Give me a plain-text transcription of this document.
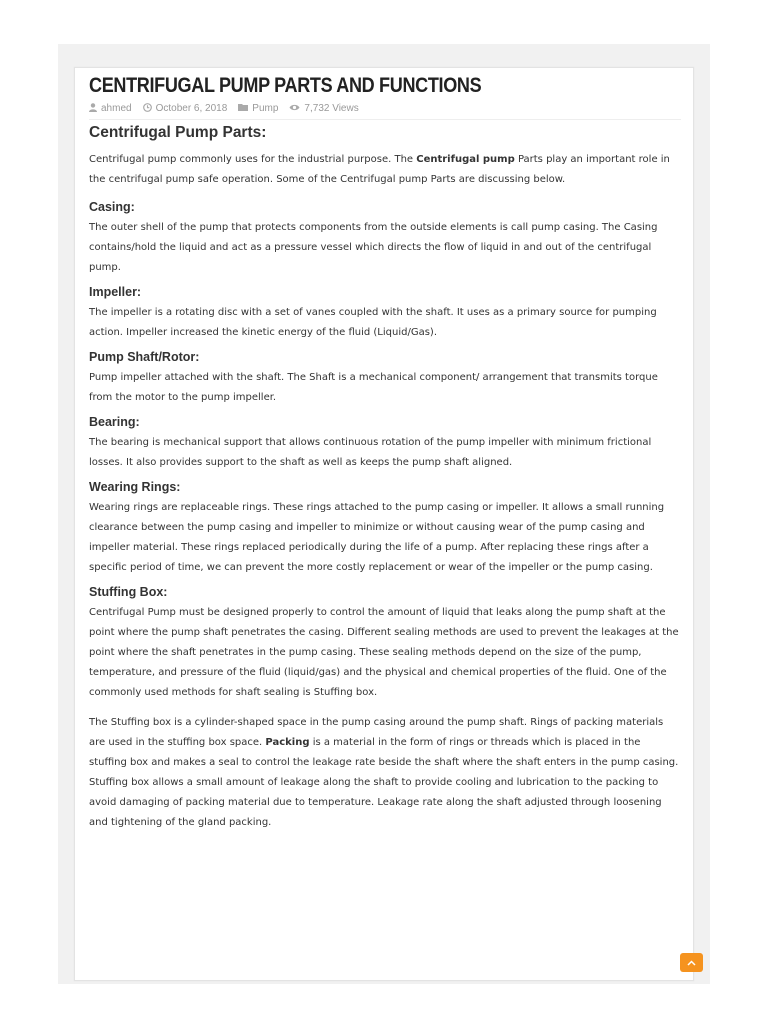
CENTRIFUGAL PUMP PARTS AND FUNCTIONS
ahmed October 6, 2018	Pump	7,732 Views
Centrifugal Pump Parts:

Centrifugal pump commonly uses for the industrial purpose. The Centrifugal pump Parts play an important role in the centrifugal pump safe operation. Some of the Centrifugal pump Parts are discussing below.

Casing:

The outer shell of the pump that protects components from the outside elements is call pump casing. The Casing contains/hold the liquid and act as a pressure vessel which directs the flow of liquid in and out of the centrifugal pump.

Impeller:

The impeller is a rotating disc with a set of vanes coupled with the shaft. It uses as a primary source for pumping action. Impeller increased the kinetic energy of the fluid (Liquid/Gas).

Pump Shaft/Rotor:

Pump impeller attached with the shaft. The Shaft is a mechanical component/ arrangement that transmits torque from the motor to the pump impeller.

Bearing:

The bearing is mechanical support that allows continuous rotation of the pump impeller with minimum frictional losses. It also provides support to the shaft as well as keeps the pump shaft aligned.

Wearing Rings:

Wearing rings are replaceable rings. These rings attached to the pump casing or impeller. It allows a small running clearance between the pump casing and impeller to minimize or without causing wear of the pump casing and impeller material. These rings replaced periodically during the life of a pump. After replacing these rings after a specific period of time, we can prevent the more costly replacement or wear of the impeller or the pump casing.

Stuffing Box:

Centrifugal Pump must be designed properly to control the amount of liquid that leaks along the pump shaft at the point where the pump shaft penetrates the casing. Different sealing methods are used to prevent the leakages at the point where the shaft penetrates in the pump casing. These sealing methods depend on the size of the pump, temperature, and pressure of the fluid (liquid/gas) and the physical and chemical properties of the fluid. One of the commonly used methods for shaft sealing is Stuffing box.

The Stuffing box is a cylinder-shaped space in the pump casing around the pump shaft. Rings of packing materials are used in the stuffing box space. Packing is a material in the form of rings or threads which is placed in the stuffing box and makes a seal to control the leakage rate beside the shaft where the shaft enters in the pump casing. Stuffing box allows a small amount of leakage along the shaft to provide cooling and lubrication to the packing to avoid damaging of packing material due to temperature. Leakage rate along the shaft adjusted through loosening and tightening of the gland packing.
